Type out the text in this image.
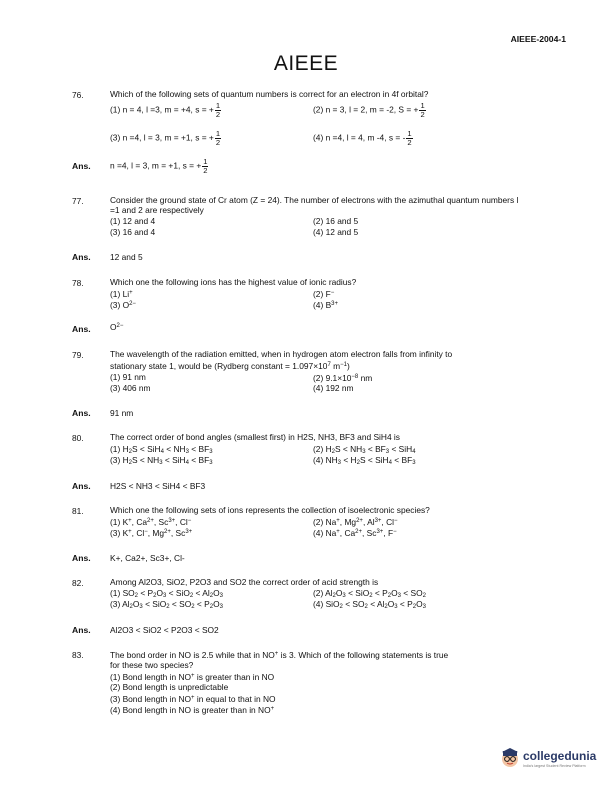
AIEEE-2004-1
AIEEE
76.	Which of the following sets of quantum numbers is correct for an electron in 4f orbital?
(1) n = 4, l =3, m = +4, s = + $\frac{1}{2}$	(2) n = 3, l = 2, m = -2, S = + $\frac{1}{2}$
(3) n =4, l = 3, m = +1, s = + $\frac{1}{2}$	(4) n =4, l = 4, m -4, s = - $\frac{1}{2}$
Ans. n =4, l = 3, m = +1, s = + $\frac{1}{2}$
77.	Consider the ground state of Cr atom (Z = 24). The number of electrons with the azimuthal quantum numbers l =1 and 2 are respectively
(1) 12 and 4	(2) 16 and 5
(3) 16 and 4	(4) 12 and 5
Ans. 12 and 5
78.	Which one the following ions has the highest value of ionic radius?
(1) Li+	(2) F−
(3) $O^{2-}$	(4) $B^{3+}$
Ans. $O^{2-}$
79.	The wavelength of the radiation emitted, when in hydrogen atom electron falls from infinity to
stationary state 1, would be (Rydberg constant = $1.097\times 10^7$ $m^{-1}$)
(1) 91 nm	(2) $9.1\times 10^{-8}$ nm
(3) 406 nm	(4) 192 nm
Ans. 91 nm
80.	The correct order of bond angles (smallest first) in H2S, NH3, BF3 and SiH4 is
(1) $H_2S < SiH_4 < NH_3 < BF_3$	(2) $H_2S < NH_3 < BF_3 < SiH_4$
(3) $H_2S < NH_3 < SiH_4 < BF_3$	(4) $NH_3 < H_2S < SiH_4 < BF_3$
Ans. H2S < NH3 < SiH4 < BF3
81.	Which one the following sets of ions represents the collection of isoelectronic species?
(1) K+, $Ca^{2+}$, $Sc^{3+}$, Cl−	(2) Na+, $Mg^{2+}$, $Al^{3+}$, Cl−
(3) K+, Cl−, $Mg^{2+}$, $Sc^{3+}$	(4) Na+, $Ca^{2+}$, $Sc^{3+}$, F−
Ans. K+, Ca2+, Sc3+, Cl-
82.	Among Al2O3, SiO2, P2O3 and SO2 the correct order of acid strength is
(1) $SO_2 < P_2O_3 < SiO_2 < Al_2O_3$	(2) $Al_2O_3 < SiO_2 < P_2O_3 < SO_2$
(3) $Al_2O_3 < SiO_2 < SO_2 < P_2O_3$	(4) $SiO_2 < SO_2 < Al_2O_3 < P_2O_3$
Ans. Al2O3 < SiO2 < P2O3 < SO2
83.	The bond order in NO is 2.5 while that in NO+ is 3. Which of the following statements is true
for these two species?
(1) Bond length in NO+ is greater than in NO
(2) Bond length is unpredictable
(3) Bond length in NO+ in equal to that in NO
(4) Bond length in NO is greater than in NO+
collegedunia
India's largest Student Review Platform
